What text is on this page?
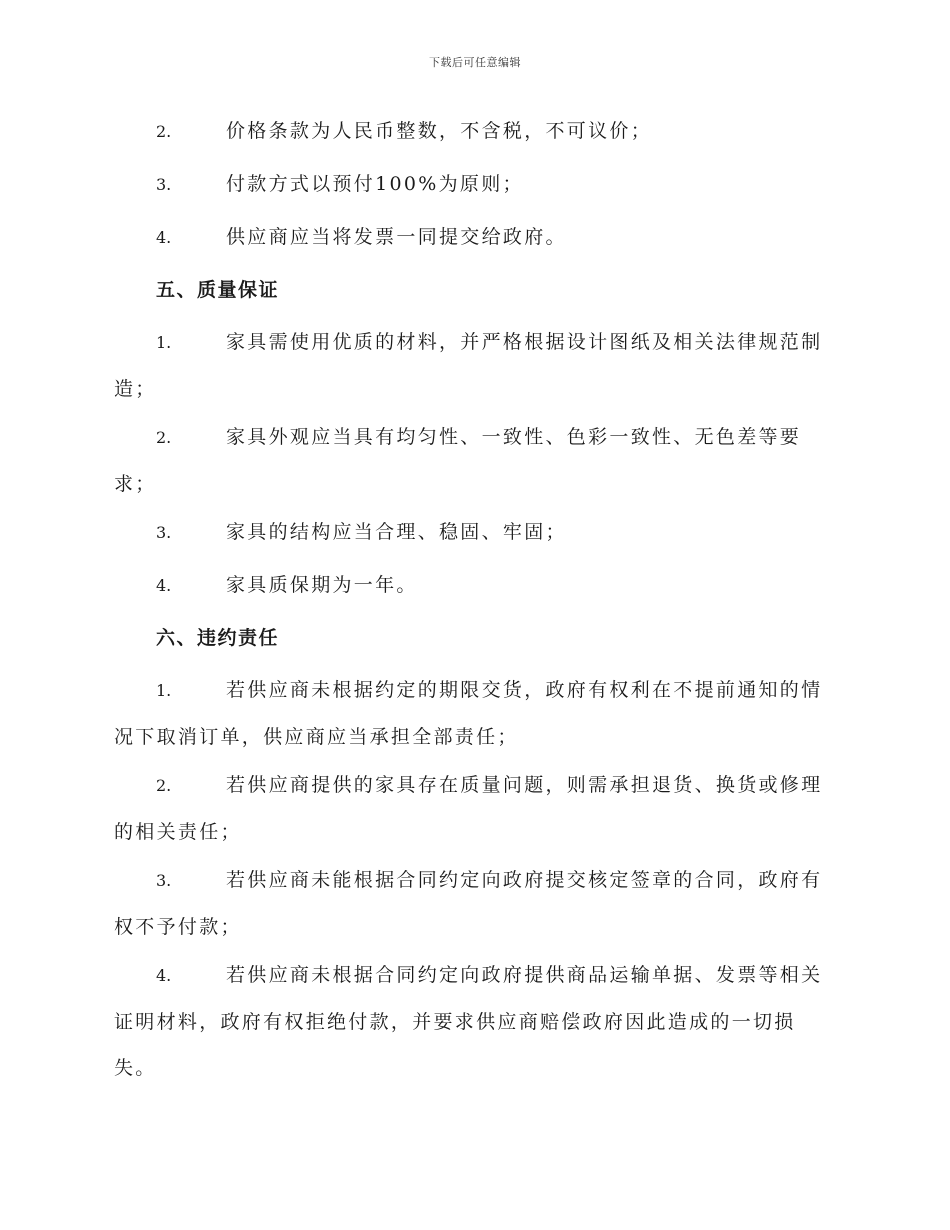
下载后可任意编辑

2.	价格条款为人民币整数，不含税，不可议价；

3.	付款方式以预付100%为原则；

4.	供应商应当将发票一同提交给政府。

五、质量保证

1.	家具需使用优质的材料，并严格根据设计图纸及相关法律规范制造；

2.	家具外观应当具有均匀性、一致性、色彩一致性、无色差等要求；

3.	家具的结构应当合理、稳固、牢固；

4.	家具质保期为一年。

六、违约责任

1.	若供应商未根据约定的期限交货，政府有权利在不提前通知的情况下取消订单，供应商应当承担全部责任；

2.	若供应商提供的家具存在质量问题，则需承担退货、换货或修理的相关责任；

3.	若供应商未能根据合同约定向政府提交核定签章的合同，政府有权不予付款；

4.	若供应商未根据合同约定向政府提供商品运输单据、发票等相关证明材料，政府有权拒绝付款，并要求供应商赔偿政府因此造成的一切损失。
